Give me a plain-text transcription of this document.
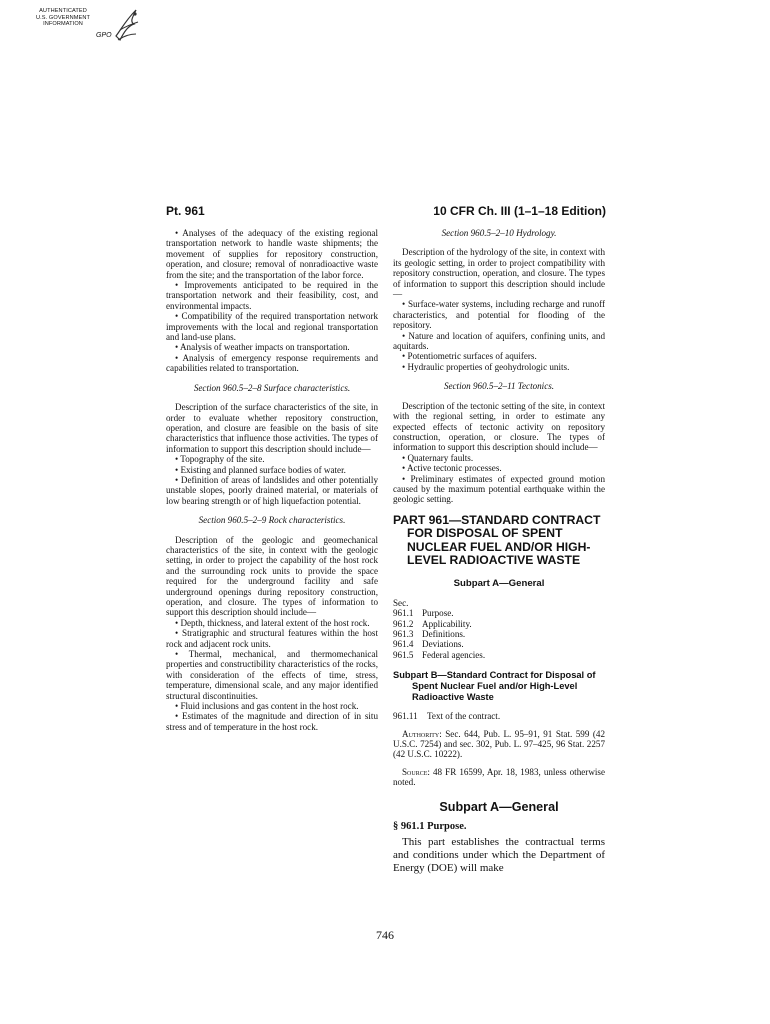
AUTHENTICATED
U.S. GOVERNMENT
INFORMATION
GPO
Pt. 961	10 CFR Ch. III (1–1–18 Edition)

• Analyses of the adequacy of the existing regional transportation network to handle waste shipments; the movement of supplies for repository construction, operation, and closure; removal of nonradioactive waste from the site; and the transportation of the labor force.

• Improvements anticipated to be required in the transportation network and their feasibility, cost, and environmental impacts.

• Compatibility of the required transportation network improvements with the local and regional transportation and land-use plans.

• Analysis of weather impacts on transportation.

• Analysis of emergency response requirements and capabilities related to transportation.

Section 960.5–2–8 Surface characteristics.

Description of the surface characteristics of the site, in order to evaluate whether repository construction, operation, and closure are feasible on the basis of site characteristics that influence those activities. The types of information to support this description should include—

• Topography of the site.

• Existing and planned surface bodies of water.

• Definition of areas of landslides and other potentially unstable slopes, poorly drained material, or materials of low bearing strength or of high liquefaction potential.

Section 960.5–2–9 Rock characteristics.

Description of the geologic and geomechanical characteristics of the site, in context with the geologic setting, in order to project the capability of the host rock and the surrounding rock units to provide the space required for the underground facility and safe underground openings during repository construction, operation, and closure. The types of information to support this description should include—

• Depth, thickness, and lateral extent of the host rock.

• Stratigraphic and structural features within the host rock and adjacent rock units.

• Thermal, mechanical, and thermomechanical properties and constructibility characteristics of the rocks, with consideration of the effects of time, stress, temperature, dimensional scale, and any major identified structural discontinuities.

• Fluid inclusions and gas content in the host rock.

• Estimates of the magnitude and direction of in situ stress and of temperature in the host rock.

Section 960.5–2–10 Hydrology.

Description of the hydrology of the site, in context with its geologic setting, in order to project compatibility with repository construction, operation, and closure. The types of information to support this description should include—

• Surface-water systems, including recharge and runoff characteristics, and potential for flooding of the repository.

• Nature and location of aquifers, confining units, and aquitards.

• Potentiometric surfaces of aquifers.

• Hydraulic properties of geohydrologic units.

Section 960.5–2–11 Tectonics.

Description of the tectonic setting of the site, in context with the regional setting, in order to estimate any expected effects of tectonic activity on repository construction, operation, or closure. The types of information to support this description should include—

• Quaternary faults.

• Active tectonic processes.

• Preliminary estimates of expected ground motion caused by the maximum potential earthquake within the geologic setting.

PART 961—STANDARD CONTRACT FOR DISPOSAL OF SPENT NUCLEAR FUEL AND/OR HIGH-LEVEL RADIOACTIVE WASTE
Subpart A—General

Sec.

961.1 Purpose.
961.2 Applicability.
961.3 Definitions.
961.4 Deviations.
961.5 Federal agencies.
Subpart B—Standard Contract for Disposal of Spent Nuclear Fuel and/or High-Level Radioactive Waste
961.11	Text of the contract.

Authority: Sec. 644, Pub. L. 95–91, 91 Stat. 599 (42 U.S.C. 7254) and sec. 302, Pub. L. 97–425, 96 Stat. 2257 (42 U.S.C. 10222).

Source: 48 FR 16599, Apr. 18, 1983, unless otherwise noted.

Subpart A—General

§ 961.1 Purpose.

This part establishes the contractual terms and conditions under which the Department of Energy (DOE) will make

746
